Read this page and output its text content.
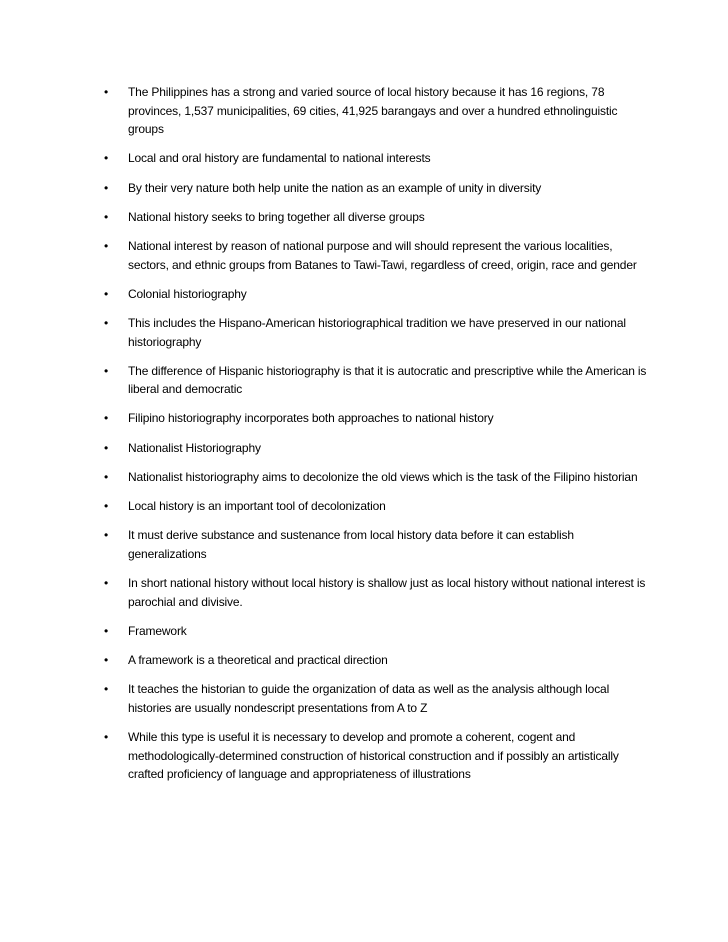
• The Philippines has a strong and varied source of local history because it has 16 regions, 78 provinces, 1,537 municipalities, 69 cities, 41,925 barangays and over a hundred ethnolinguistic groups
• Local and oral history are fundamental to national interests
• By their very nature both help unite the nation as an example of unity in diversity
• National history seeks to bring together all diverse groups
• National interest by reason of national purpose and will should represent the various localities, sectors, and ethnic groups from Batanes to Tawi-Tawi, regardless of creed, origin, race and gender
• Colonial historiography
• This includes the Hispano-American historiographical tradition we have preserved in our national historiography
• The difference of Hispanic historiography is that it is autocratic and prescriptive while the American is liberal and democratic
• Filipino historiography incorporates both approaches to national history
• Nationalist Historiography
• Nationalist historiography aims to decolonize the old views which is the task of the Filipino historian
• Local history is an important tool of decolonization
• It must derive substance and sustenance from local history data before it can establish generalizations
• In short national history without local history is shallow just as local history without national interest is parochial and divisive.
• Framework
• A framework is a theoretical and practical direction
• It teaches the historian to guide the organization of data as well as the analysis although local histories are usually nondescript presentations from A to Z
• While this type is useful it is necessary to develop and promote a coherent, cogent and methodologically-determined construction of historical construction and if possibly an artistically crafted proficiency of language and appropriateness of illustrations
